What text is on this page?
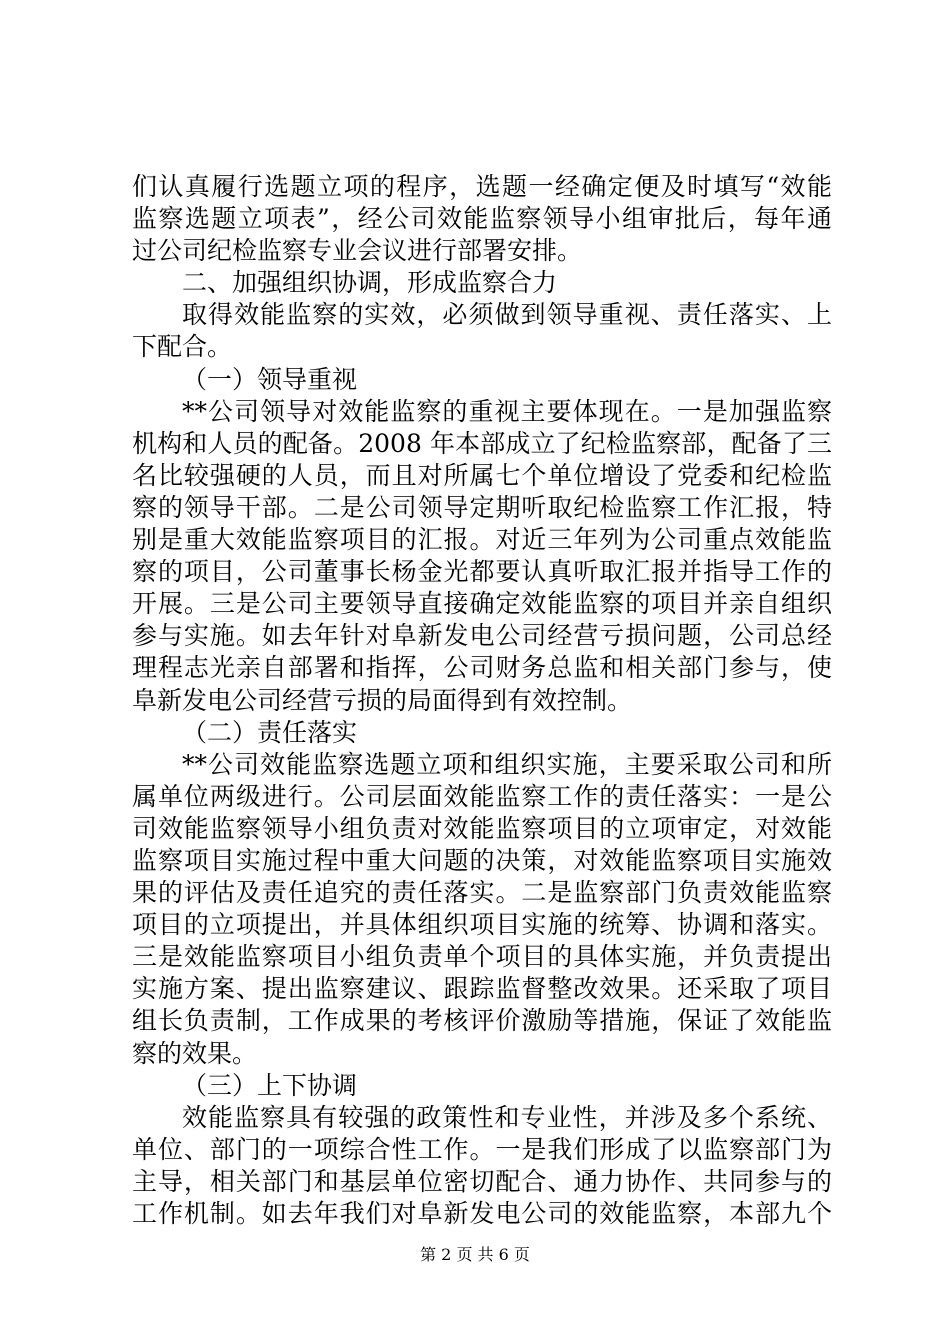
们认真履行选题立项的程序，选题一经确定便及时填写“效能
监察选题立项表”，经公司效能监察领导小组审批后，每年通
过公司纪检监察专业会议进行部署安排。
二、加强组织协调，形成监察合力
取得效能监察的实效，必须做到领导重视、责任落实、上
下配合。
（一）领导重视
**公司领导对效能监察的重视主要体现在。一是加强监察
机构和人员的配备。2008 年本部成立了纪检监察部，配备了三
名比较强硬的人员，而且对所属七个单位增设了党委和纪检监
察的领导干部。二是公司领导定期听取纪检监察工作汇报，特
别是重大效能监察项目的汇报。对近三年列为公司重点效能监
察的项目，公司董事长杨金光都要认真听取汇报并指导工作的
开展。三是公司主要领导直接确定效能监察的项目并亲自组织
参与实施。如去年针对阜新发电公司经营亏损问题，公司总经
理程志光亲自部署和指挥，公司财务总监和相关部门参与，使
阜新发电公司经营亏损的局面得到有效控制。
（二）责任落实
**公司效能监察选题立项和组织实施，主要采取公司和所
属单位两级进行。公司层面效能监察工作的责任落实：一是公
司效能监察领导小组负责对效能监察项目的立项审定，对效能
监察项目实施过程中重大问题的决策，对效能监察项目实施效
果的评估及责任追究的责任落实。二是监察部门负责效能监察
项目的立项提出，并具体组织项目实施的统筹、协调和落实。
三是效能监察项目小组负责单个项目的具体实施，并负责提出
实施方案、提出监察建议、跟踪监督整改效果。还采取了项目
组长负责制，工作成果的考核评价激励等措施，保证了效能监
察的效果。
（三）上下协调
效能监察具有较强的政策性和专业性，并涉及多个系统、
单位、部门的一项综合性工作。一是我们形成了以监察部门为
主导，相关部门和基层单位密切配合、通力协作、共同参与的
工作机制。如去年我们对阜新发电公司的效能监察，本部九个
第 2 页 共 6 页
